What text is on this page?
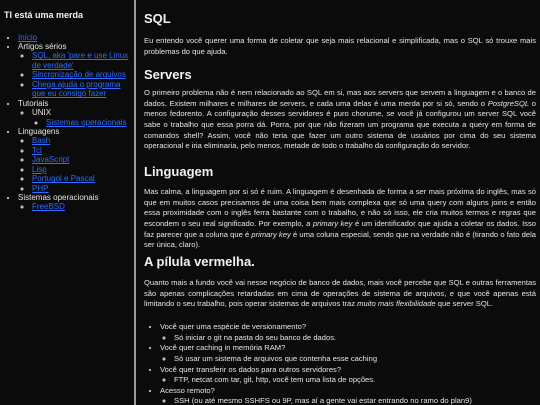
TI está uma merda
• Início
• Artigos sérios
◦ SQL, aka 'pare e use Linux de verdade'
◦ Sincronização de arquivos
◦ Chega ajuda o programa que eu consigo fazer
• Tutoriais
◦ UNIX
◦ Sistemas operacionais
• Linguagens
◦ Bash
◦ Tcl
◦ JavaScript
◦ Lisp
◦ Portugol e Pascal
◦ PHP
• Sistemas operacionais
◦ FreeBSD
SQL

Eu entendo você querer uma forma de coletar que seja mais relacional e simplificada, mas o SQL só trouxe mais problemas do que ajuda.

Servers

O primeiro problema não é nem relacionado ao SQL em si, mas aos servers que servem a linguagem e o banco de dados. Existem milhares e milhares de servers, e cada uma delas é uma merda por si só, sendo o PostgreSQL o menos fedorento. A configuração desses servidores é puro chorume, se você já configurou um server SQL você sabe o trabalho que essa porra dá. Porra, por que não fizeram um programa que executa a query em forma de comandos shell? Assim, você não teria que fazer um outro sistema de usuários por cima do seu sistema operacional e iria eliminaria, pelo menos, metade de todo o trabalho da configuração do servidor.

Linguagem

Mas calma, a linguagem por si só é ruim. A linguagem é desenhada de forma a ser mais próxima do inglês, mas só que em muitos casos precisamos de uma coisa bem mais complexa que só uma query com alguns joins e então essa proximidade com o inglês ferra bastante com o trabalho, e não só isso, ele cria muitos termos e regras que escondem o seu real significado. Por exemplo, a primary key é um identificador que ajuda a coletar os dados. Isso faz parecer que a coluna que é primary key é uma coluna especial, sendo que na verdade não é (tirando o fato dela ser única, claro).

A pílula vermelha.

Quanto mais a fundo você vai nesse negócio de banco de dados, mais você percebe que SQL e outras ferramentas são apenas complicações retardadas em cima de operações de sistema de arquivos, e que você apenas está limitando o seu trabalho, pois operar sistemas de arquivos traz muito mais flexibilidade que server SQL.

• Você quer uma espécie de versionamento?
◦ Só iniciar o git na pasta do seu banco de dados.
• Você quer caching in memória RAM?
◦ Só usar um sistema de arquivos que contenha esse caching
• Você quer transferir os dados para outros servidores?
◦ FTP, netcat com tar, git, http, você tem uma lista de opções.
• Acesso remoto?
◦ SSH (ou até mesmo SSHFS ou 9P, mas aí a gente vai estar entrando no ramo do plan9)
